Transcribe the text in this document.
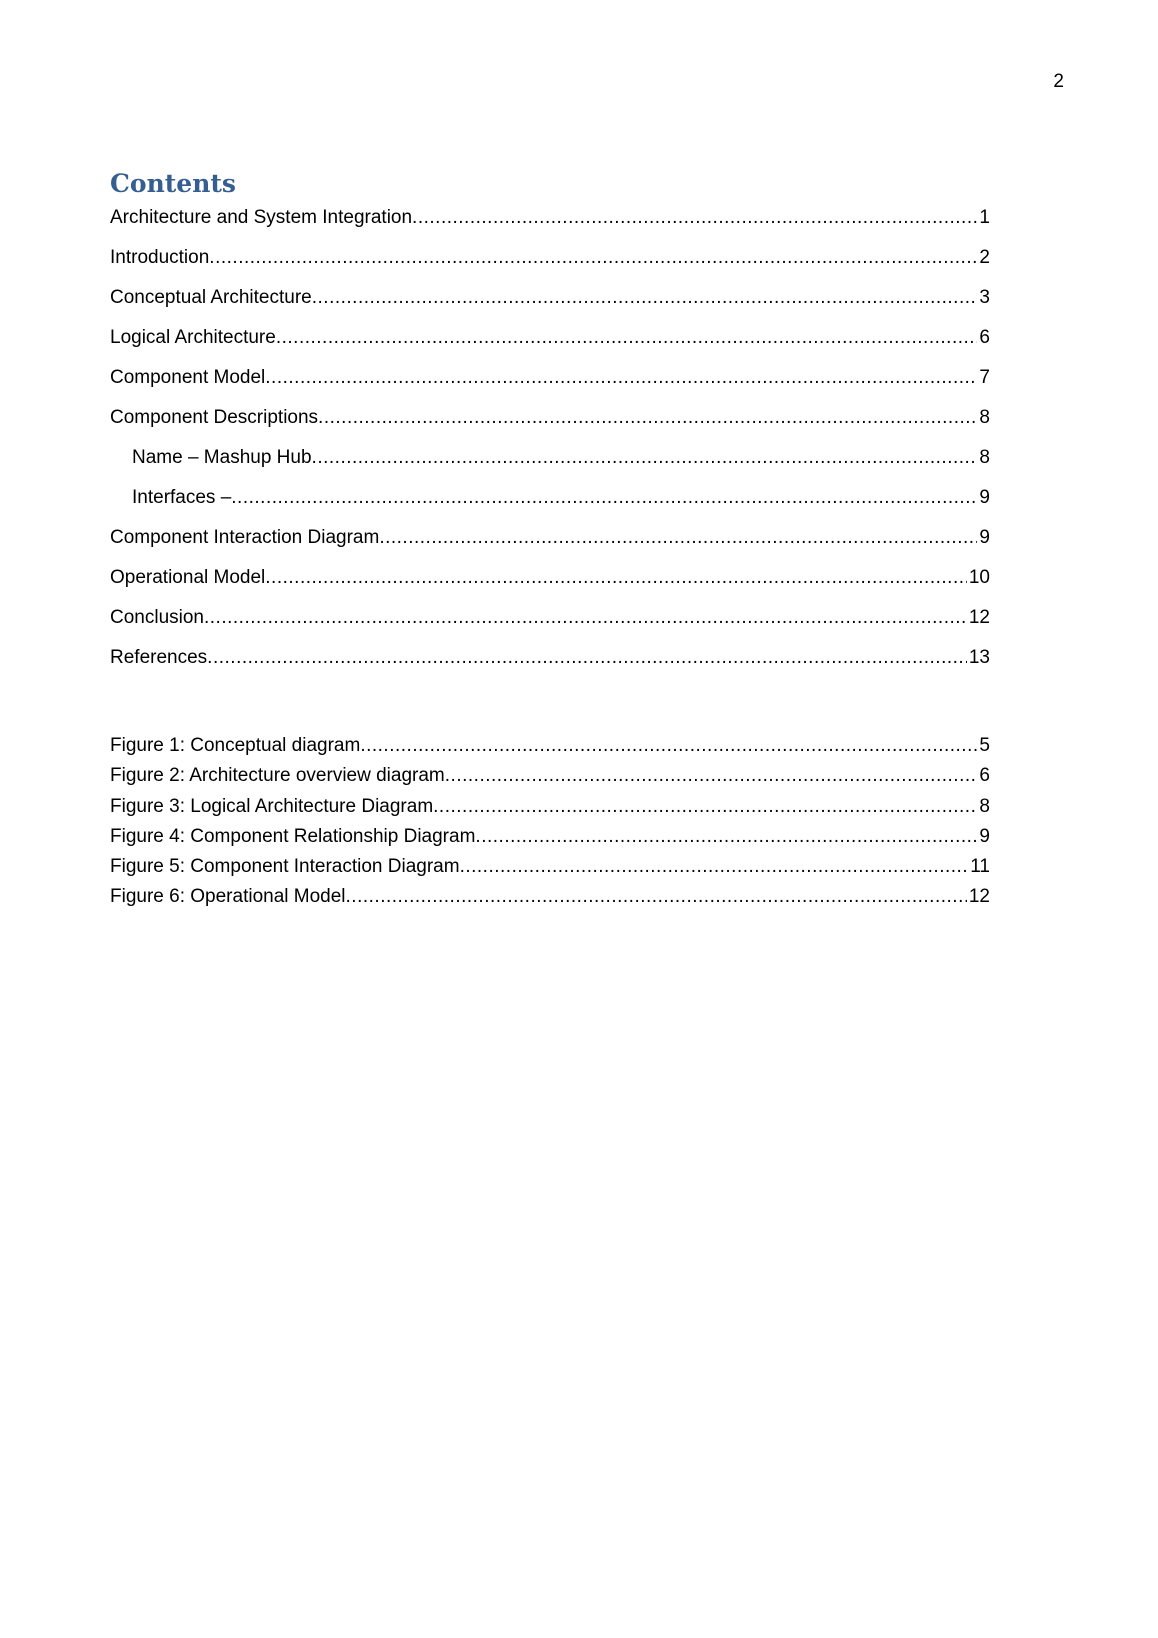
2
Contents
Architecture and System Integration .....	1
Introduction .....	2
Conceptual Architecture .....	3
Logical Architecture .....	6
Component Model .....	7
Component Descriptions .....	8
Name – Mashup Hub .....	8
Interfaces – .....	9
Component Interaction Diagram .....	9
Operational Model .....	10
Conclusion .....	12
References .....	13
Figure 1: Conceptual diagram .....	5
Figure 2: Architecture overview diagram .....	6
Figure 3: Logical Architecture Diagram .....	8
Figure 4: Component Relationship Diagram .....	9
Figure 5: Component Interaction Diagram .....	11
Figure 6: Operational Model .....	12
